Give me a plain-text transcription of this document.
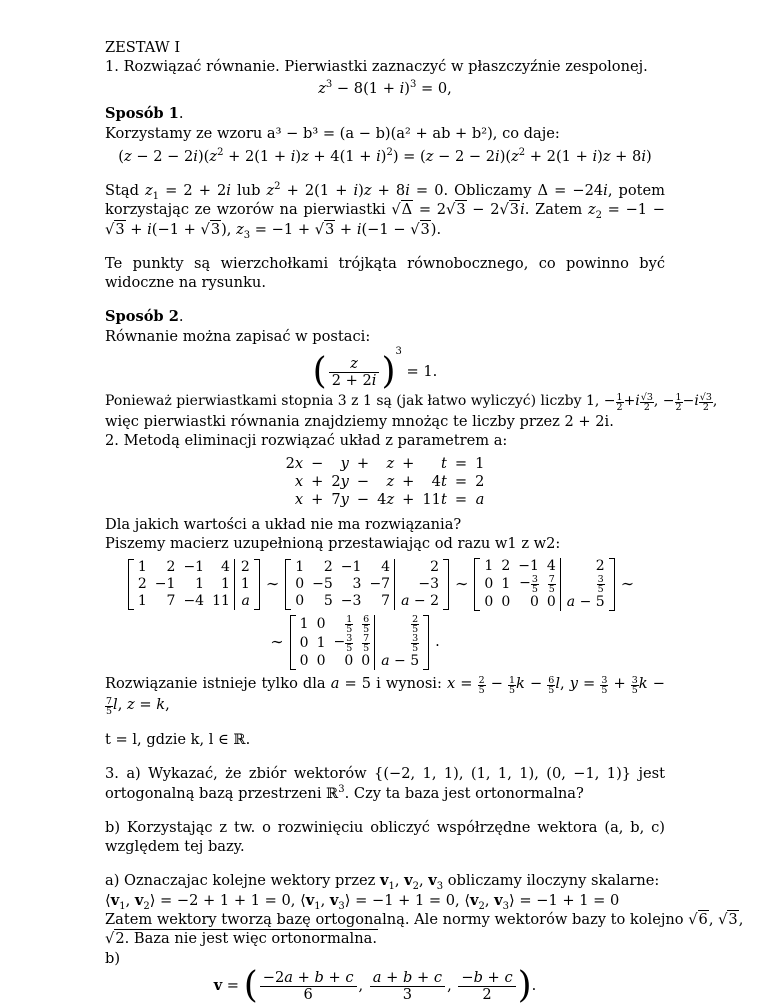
ZESTAW I

1. Rozwiązać równanie. Pierwiastki zaznaczyć w płaszczyźnie zespolonej.

$z^3 - 8(1 + i)^3 = 0$,

Sposób 1.

Korzystamy ze wzoru a³ − b³ = (a − b)(a² + ab + b²), co daje:

$(z - 2 - 2i)(z^2 + 2(1 + i)z + 4(1 + i)^2) = (z - 2 - 2i)(z^2 + 2(1 + i)z + 8i)$

Stąd $z_1 = 2 + 2i$ lub $z^2 + 2(1 + i)z + 8i = 0$. Obliczamy Δ = −24i, potem korzystając ze wzorów na pierwiastki √Δ = 2√3 − 2√3i. Zatem $z_2 = -1 - √3 + i(-1 + √3)$, $z_3 = -1 + √3 + i(-1 - √3)$.

Te punkty są wierzchołkami trójkąta równobocznego, co powinno być widoczne na rysunku.

Sposób 2.

Równanie można zapisać w postaci:

( $\frac{z}{2 + 2i} )^3 = 1$.

Ponieważ pierwiastkami stopnia 3 z 1 są (jak łatwo wyliczyć) liczby 1, − $\frac{1}{2} +i \frac{√3}{2}$ , − $\frac{1}{2} -i \frac{√3}{2}$ ,

więc pierwiastki równania znajdziemy mnożąc te liczby przez 2 + 2i.

2. Metodą eliminacji rozwiązać układ z parametrem a:

2x	−	y	+	z	+	t	=	1
x	+	2y	−	z	+	4t	=	2
x	+	7y	−	4z	+	11t	=	a

Dla jakich wartości a układ nie ma rozwiązania?

Piszemy macierz uzupełnioną przestawiając od razu w1 z w2:

1	2	−1	4	2
2	−1	1	1	1
1	7	−4	11	a
∼
1	2	−1	4	2
0	−5	3	−7	−3
0	5	−3	7	a − 2
∼
1	2	−1	4	2
0	1	− $\frac{3}{5}$	$\frac{7}{5}$	$\frac{3}{5}$

0	0	0	0	a − 5
∼
∼
1	0	$\frac{1}{5}$	$\frac{6}{5}$	$\frac{2}{5}$

0	1	− $\frac{3}{5}$	$\frac{7}{5}$	$\frac{3}{5}$

0	0	0	0	a − 5
.

Rozwiązanie istnieje tylko dla a = 5 i wynosi: $x = \frac{2}{5} - \frac{1}{5}$ $k - \frac{6}{5} l$, $y = \frac{3}{5} + \frac{3}{5}$ k −
$\frac{7}{5} l$, z = k,

t = l, gdzie k, l ∈ ℝ.

3. a) Wykazać, że zbiór wektorów {(−2, 1, 1), (1, 1, 1), (0, −1, 1)} jest ortogonalną bazą przestrzeni ℝ$^3$. Czy ta baza jest ortonormalna?

b) Korzystając z tw. o rozwinięciu obliczyć współrzędne wektora (a, b, c) względem tej bazy.

a) Oznaczajac kolejne wektory przez $v_1$, $v_2$, $v_3$ obliczamy iloczyny skalarne:

$⟨v_1$, $v_2⟩ = -2 + 1 + 1 = 0$, $⟨v_1$, $v_3⟩ = -1 + 1 = 0$, $⟨v_2$, $v_3⟩ = -1 + 1 = 0$

Zatem wektory tworzą bazę ortogonalną. Ale normy wektorów bazy to kolejno √6, √3,

√2. Baza nie jest więc ortonormalna.

b)

v = ( $\frac{-2a + b + c}{6}$ , $\frac{a + b + c}{3}$ , $\frac{-b + c}{2}$ ).
